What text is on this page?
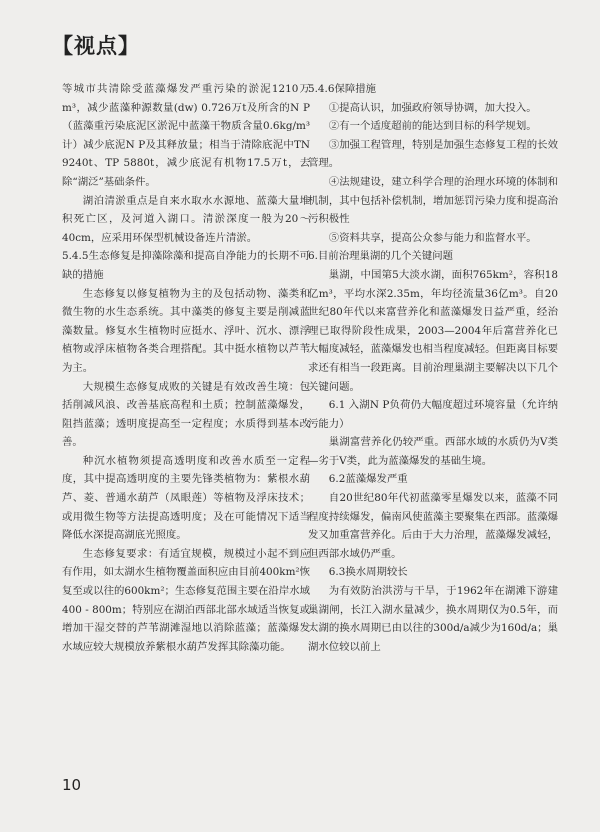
【视点】

等城市共清除受蓝藻爆发严重污染的淤泥1210万m³，减少蓝藻种源数量(dw) 0.726万t及所含的N P（蓝藻重污染底泥区淤泥中蓝藻干物质含量0.6kg/m³计）减少底泥N P及其释放量；相当于清除底泥中TN 9240t、TP 5880t，减少底泥有机物17.5万t，去除“湖泛”基础条件。

湖泊清淤重点是自来水取水水源地、蓝藻大量堆积死亡区，及河道入湖口。清淤深度一般为20～40cm，应采用环保型机械设备连片清淤。

5.4.5生态修复是抑藻除藻和提高自净能力的长期不可缺的措施

生态修复以修复植物为主的及包括动物、藻类和微生物的水生态系统。其中藻类的修复主要是削减蓝藻数量。修复水生植物时应挺水、浮叶、沉水、漂浮植物或浮床植物各类合理搭配。其中挺水植物以芦苇为主。

大规模生态修复成败的关键是有效改善生境：包括削减风浪、改善基底高程和土质；控制蓝藻爆发，阻挡蓝藻；透明度提高至一定程度；水质得到基本改善。

种沉水植物须提高透明度和改善水质至一定程度，其中提高透明度的主要先锋类植物为：紫根水葫芦、菱、普通水葫芦（凤眼莲）等植物及浮床技术；或用微生物等方法提高透明度；及在可能情况下适当降低水深提高湖底光照度。

生态修复要求：有适宜规模，规模过小起不到应有作用，如太湖水生植物覆盖面积应由目前400km²恢复至或以往的600km²；生态修复范围主要在沿岸水域400 - 800m；特别应在湖泊西部北部水域适当恢复或增加干湿交替的芦苇湖滩湿地以消除蓝藻；蓝藻爆发水域应较大规模放养紫根水葫芦发挥其除藻功能。

5.4.6保障措施

①提高认识，加强政府领导协调，加大投入。

②有一个适度超前的能达到目标的科学规划。

③加强工程管理，特别是加强生态修复工程的长效管理。

④法规建设，建立科学合理的治理水环境的体制和机制，其中包括补偿机制，增加惩罚污染力度和提高治污积极性

⑤资料共享，提高公众参与能力和监督水平。

6.目前治理巢湖的几个关键问题

巢湖，中国第5大淡水湖，面积765km²，容积18亿m³，平均水深2.35m，年均径流量36亿m³。自20世纪80年代以来富营养化和蓝藻爆发日益严重，经治理已取得阶段性成果，2003—2004年后富营养化已大幅度减轻，蓝藻爆发也相当程度减轻。但距离目标要求还有相当一段距离。目前治理巢湖主要解决以下几个关键问题。

6.1 入湖N P负荷仍大幅度超过环境容量（允许纳污能力）

巢湖富营养化仍较严重。西部水域的水质仍为V类—劣于V类，此为蓝藻爆发的基础生境。

6.2蓝藻爆发严重

自20世纪80年代初蓝藻零星爆发以来，蓝藻不同程度持续爆发，偏南风使蓝藻主要聚集在西部。蓝藻爆发又加重富营养化。后由于大力治理，蓝藻爆发减轻，但西部水域仍严重。

6.3换水周期较长

为有效防治洪涝与干旱，于1962年在湖滩下游建巢湖闸，长江入湖水量减少，换水周期仅为0.5年，而太湖的换水周期已由以往的300d/a减少为160d/a；巢湖水位较以前上

10
